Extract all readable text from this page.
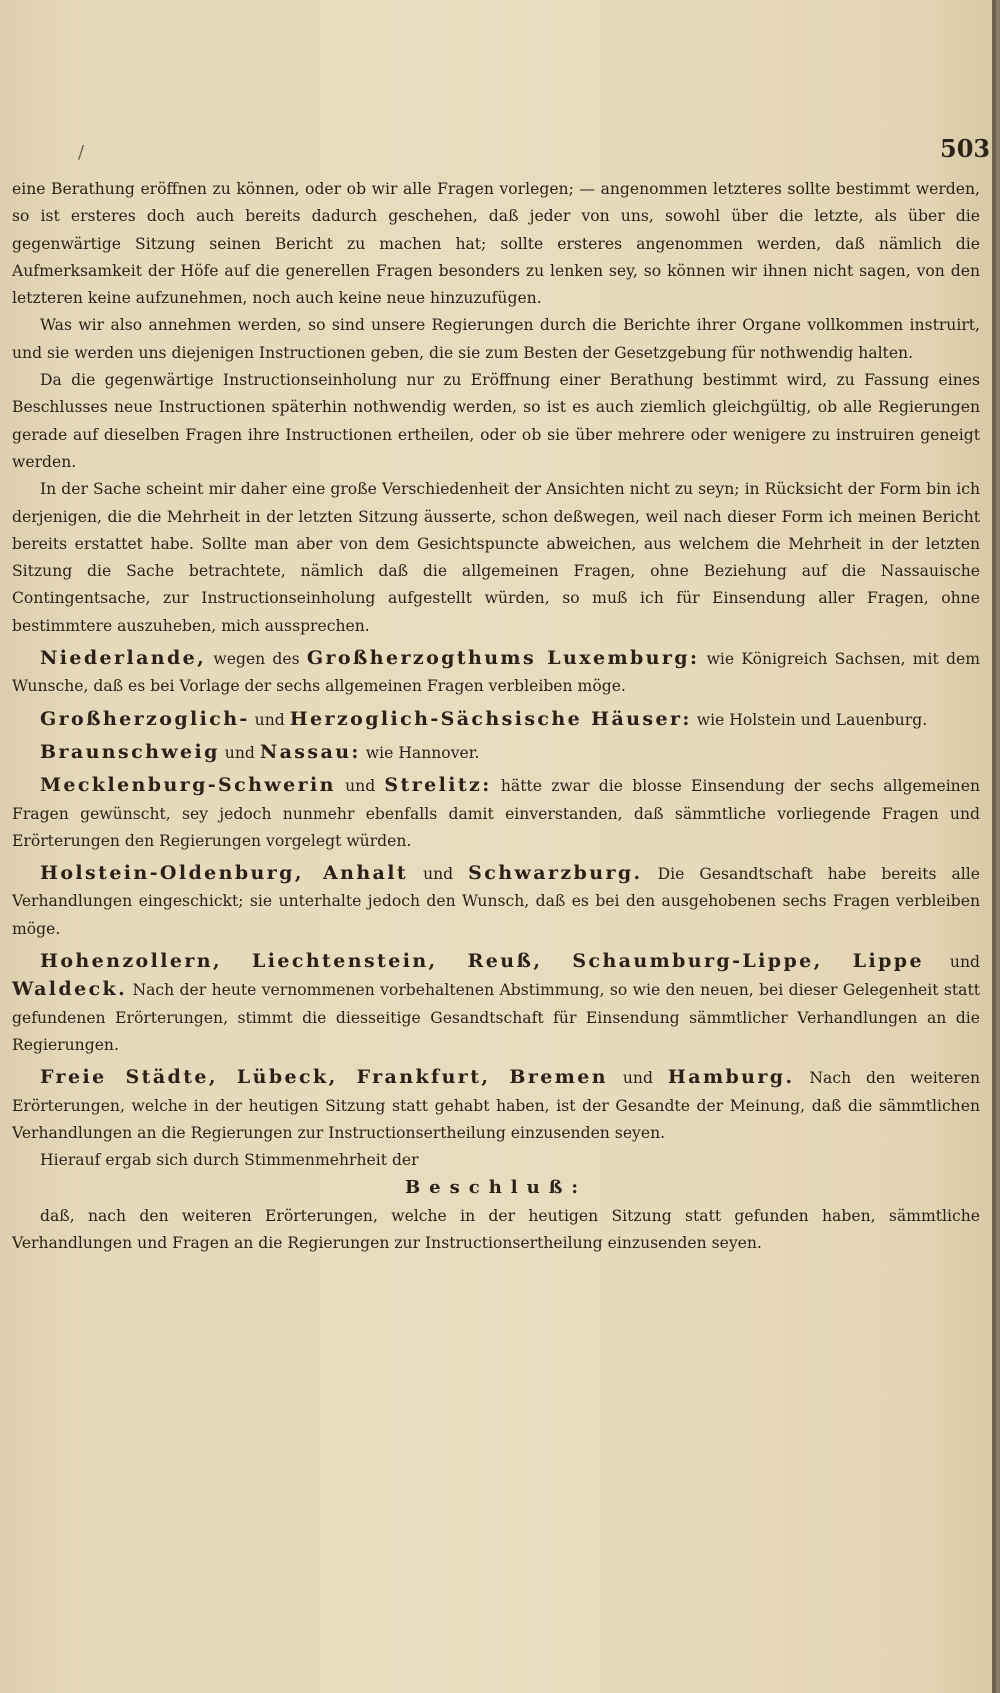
/	503

eine Berathung eröffnen zu können, oder ob wir alle Fragen vorlegen; — angenommen letzteres sollte bestimmt werden, so ist ersteres doch auch bereits dadurch geschehen, daß jeder von uns, sowohl über die letzte, als über die gegenwärtige Sitzung seinen Bericht zu machen hat; sollte ersteres angenommen werden, daß nämlich die Aufmerksamkeit der Höfe auf die generellen Fragen besonders zu lenken sey, so können wir ihnen nicht sagen, von den letzteren keine aufzunehmen, noch auch keine neue hinzuzufügen.

Was wir also annehmen werden, so sind unsere Regierungen durch die Berichte ihrer Organe vollkommen instruirt, und sie werden uns diejenigen Instructionen geben, die sie zum Besten der Gesetzgebung für nothwendig halten.

Da die gegenwärtige Instructionseinholung nur zu Eröffnung einer Berathung bestimmt wird, zu Fassung eines Beschlusses neue Instructionen späterhin nothwendig werden, so ist es auch ziemlich gleichgültig, ob alle Regierungen gerade auf dieselben Fragen ihre Instructionen ertheilen, oder ob sie über mehrere oder wenigere zu instruiren geneigt werden.

In der Sache scheint mir daher eine große Verschiedenheit der Ansichten nicht zu seyn; in Rücksicht der Form bin ich derjenigen, die die Mehrheit in der letzten Sitzung äusserte, schon deßwegen, weil nach dieser Form ich meinen Bericht bereits erstattet habe. Sollte man aber von dem Gesichtspuncte abweichen, aus welchem die Mehrheit in der letzten Sitzung die Sache betrachtete, nämlich daß die allgemeinen Fragen, ohne Beziehung auf die Nassauische Contingentsache, zur Instructionseinholung aufgestellt würden, so muß ich für Einsendung aller Fragen, ohne bestimmtere auszuheben, mich aussprechen.

Niederlande, wegen des Großherzogthums Luxemburg: wie Königreich Sachsen, mit dem Wunsche, daß es bei Vorlage der sechs allgemeinen Fragen verbleiben möge.

Großherzoglich- und Herzoglich-Sächsische Häuser: wie Holstein und Lauenburg.

Braunschweig und Nassau: wie Hannover.

Mecklenburg-Schwerin und Strelitz: hätte zwar die blosse Einsendung der sechs allgemeinen Fragen gewünscht, sey jedoch nunmehr ebenfalls damit einverstanden, daß sämmtliche vorliegende Fragen und Erörterungen den Regierungen vorgelegt würden.

Holstein-Oldenburg, Anhalt und Schwarzburg. Die Gesandtschaft habe bereits alle Verhandlungen eingeschickt; sie unterhalte jedoch den Wunsch, daß es bei den ausgehobenen sechs Fragen verbleiben möge.

Hohenzollern, Liechtenstein, Reuß, Schaumburg-Lippe, Lippe und Waldeck. Nach der heute vernommenen vorbehaltenen Abstimmung, so wie den neuen, bei dieser Gelegenheit statt gefundenen Erörterungen, stimmt die diesseitige Gesandtschaft für Einsendung sämmtlicher Verhandlungen an die Regierungen.

Freie Städte, Lübeck, Frankfurt, Bremen und Hamburg. Nach den weiteren Erörterungen, welche in der heutigen Sitzung statt gehabt haben, ist der Gesandte der Meinung, daß die sämmtlichen Verhandlungen an die Regierungen zur Instructionsertheilung einzusenden seyen.

Hierauf ergab sich durch Stimmenmehrheit der

Beschluß:

daß, nach den weiteren Erörterungen, welche in der heutigen Sitzung statt gefunden haben, sämmtliche Verhandlungen und Fragen an die Regierungen zur Instructionsertheilung einzusenden seyen.
